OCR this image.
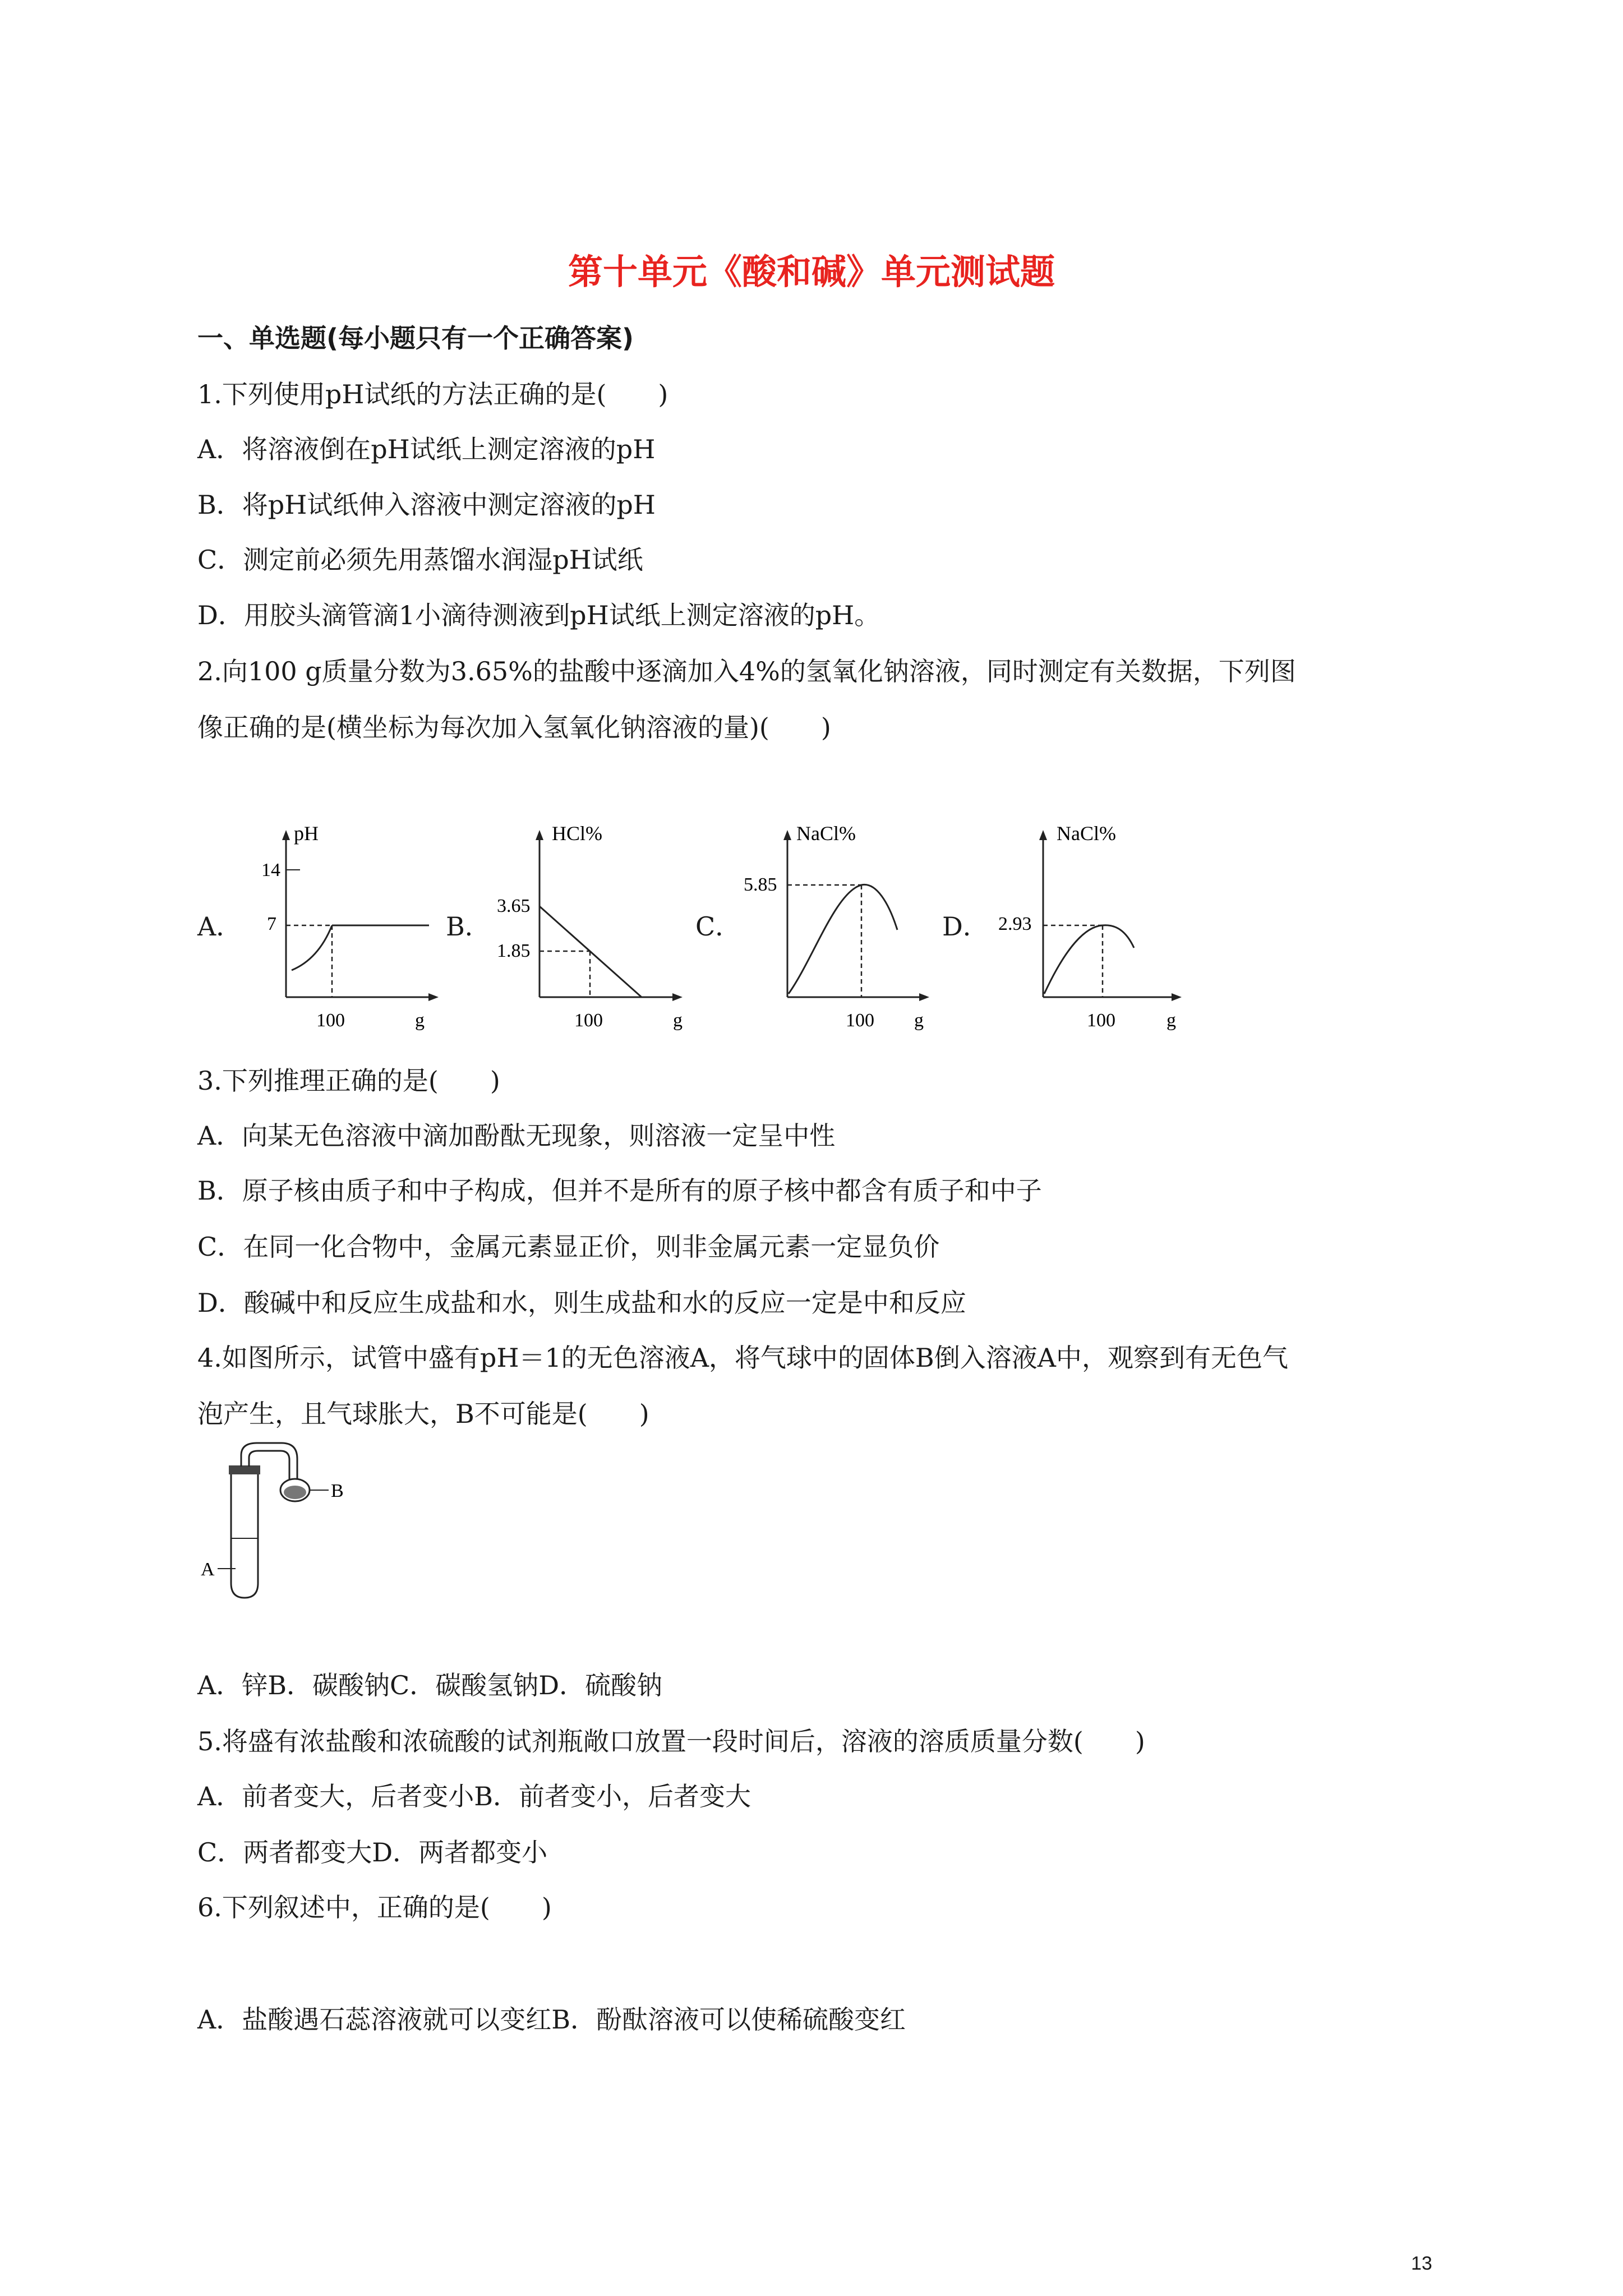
第十单元《酸和碱》单元测试题
一、单选题(每小题只有一个正确答案)
1.下列使用pH试纸的方法正确的是(　　)
A．将溶液倒在pH试纸上测定溶液的pH
B．将pH试纸伸入溶液中测定溶液的pH
C．测定前必须先用蒸馏水润湿pH试纸
D．用胶头滴管滴1小滴待测液到pH试纸上测定溶液的pH。
2.向100 g质量分数为3.65%的盐酸中逐滴加入4%的氢氧化钠溶液，同时测定有关数据，下列图
像正确的是(横坐标为每次加入氢氧化钠溶液的量)(　　)
A．	B．	C．	D．
pH
14
7
100	g
HCl%
3.65
1.85
100	g
NaCl%
5.85
100 g
NaCl%
2.93
100	g
3.下列推理正确的是(　　)
A．向某无色溶液中滴加酚酞无现象，则溶液一定呈中性
B．原子核由质子和中子构成，但并不是所有的原子核中都含有质子和中子
C．在同一化合物中，金属元素显正价，则非金属元素一定显负价
D．酸碱中和反应生成盐和水，则生成盐和水的反应一定是中和反应
4.如图所示，试管中盛有pH＝1的无色溶液A，将气球中的固体B倒入溶液A中，观察到有无色气
泡产生，且气球胀大，B不可能是(　　)
B
A
A．锌B．碳酸钠C．碳酸氢钠D．硫酸钠
5.将盛有浓盐酸和浓硫酸的试剂瓶敞口放置一段时间后，溶液的溶质质量分数(　　)
A．前者变大，后者变小B．前者变小，后者变大
C．两者都变大D．两者都变小
6.下列叙述中，正确的是(　　)
A．盐酸遇石蕊溶液就可以变红B．酚酞溶液可以使稀硫酸变红
13
